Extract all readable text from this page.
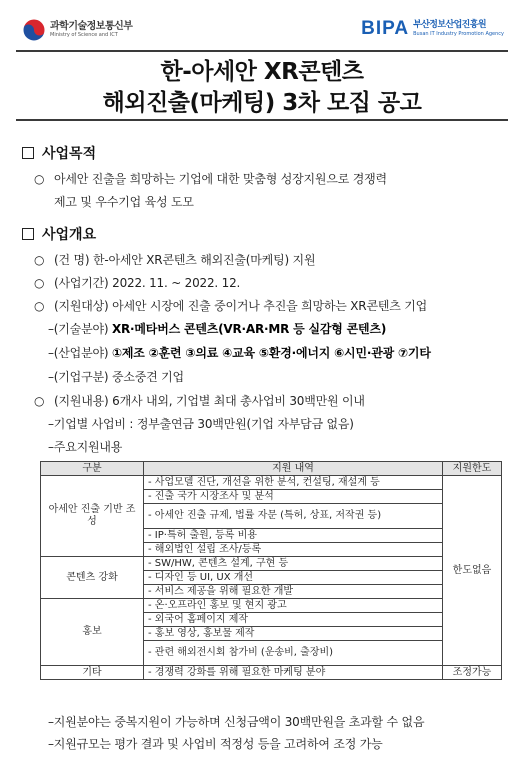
과학기술정보통신부
Ministry of Science and ICT	BIPA 부산정보산업진흥원
Busan IT Industry Promotion Agency
한-아세안 XR콘텐츠
해외진출(마케팅) 3차 모집 공고
사업목적
○ 아세안 진출을 희망하는 기업에 대한 맞춤형 성장지원으로 경쟁력
제고 및 우수기업 육성 도모
사업개요
○ (건 명) 한-아세안 XR콘텐츠 해외진출(마케팅) 지원
○ (사업기간) 2022. 11. ~ 2022. 12.
○ (지원대상) 아세안 시장에 진출 중이거나 추진을 희망하는 XR콘텐츠 기업
–(기술분야) XR·메타버스 콘텐츠(VR·AR·MR 등 실감형 콘텐츠)
–(산업분야) ①제조 ②훈련 ③의료 ④교육 ⑤환경·에너지 ⑥시민·관광 ⑦기타
–(기업구분) 중소중견 기업
○ (지원내용) 6개사 내외, 기업별 최대 총사업비 30백만원 이내
–기업별 사업비 : 정부출연금 30백만원(기업 자부담금 없음)
–주요지원내용
구분	지원 내역	지원한도
아세안 진출 기반 조성	- 사업모델 진단, 개선을 위한 분석, 컨설팅, 재설계 등	한도없음
	- 진출 국가 시장조사 및 분석	
	- 아세안 진출 규제, 법률 자문 (특허, 상표, 저작권 등)	
	- IP·특허 출원, 등록 비용	
	- 해외법인 설립 조사/등록	
콘텐츠 강화	- SW/HW, 콘텐츠 설계, 구현 등	
	- 디자인 등 UI, UX 개선	
	- 서비스 제공을 위해 필요한 개발	
홍보	- 온·오프라인 홍보 및 현지 광고	
	- 외국어 홈페이지 제작	
	- 홍보 영상, 홍보물 제작	
	- 관련 해외전시회 참가비 (운송비, 출장비)	
기타	- 경쟁력 강화를 위해 필요한 마케팅 분야	조정가능
–지원분야는 중복지원이 가능하며 신청금액이 30백만원을 초과할 수 없음
–지원규모는 평가 결과 및 사업비 적정성 등을 고려하여 조정 가능
